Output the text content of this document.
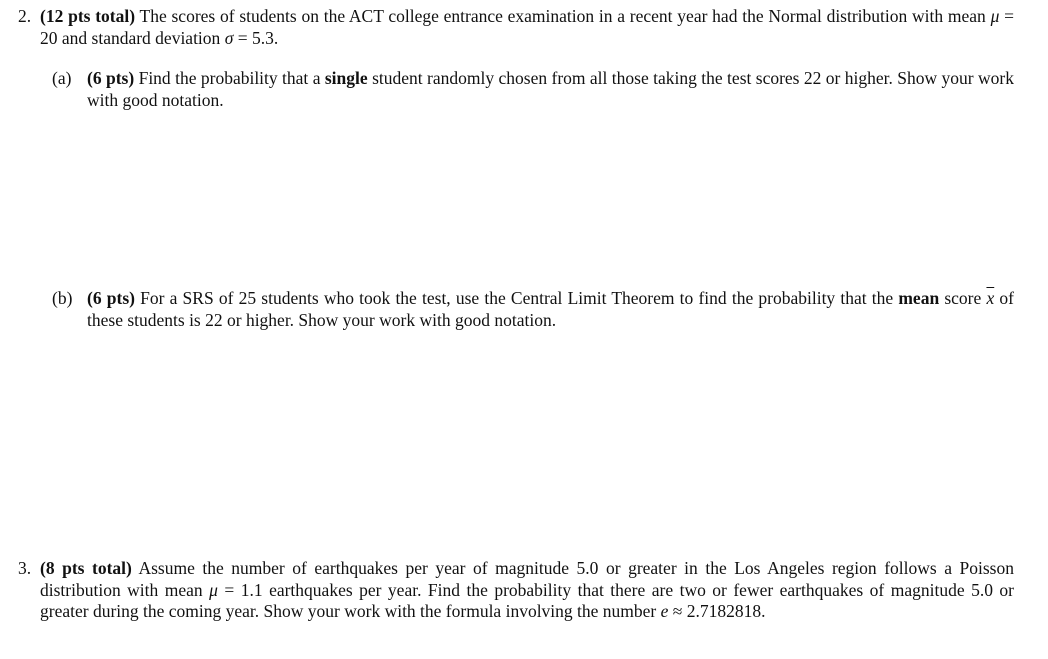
2. (12 pts total) The scores of students on the ACT college entrance examination in a recent year had the Normal distribution with mean μ = 20 and standard deviation σ = 5.3.
(a) (6 pts) Find the probability that a single student randomly chosen from all those taking the test scores 22 or higher. Show your work with good notation.
(b) (6 pts) For a SRS of 25 students who took the test, use the Central Limit Theorem to find the probability that the mean score $\overline{x}$ of these students is 22 or higher. Show your work with good notation.
3. (8 pts total) Assume the number of earthquakes per year of magnitude 5.0 or greater in the Los Angeles region follows a Poisson distribution with mean μ = 1.1 earthquakes per year. Find the probability that there are two or fewer earthquakes of magnitude 5.0 or greater during the coming year. Show your work with the formula involving the number e ≈ 2.7182818.
